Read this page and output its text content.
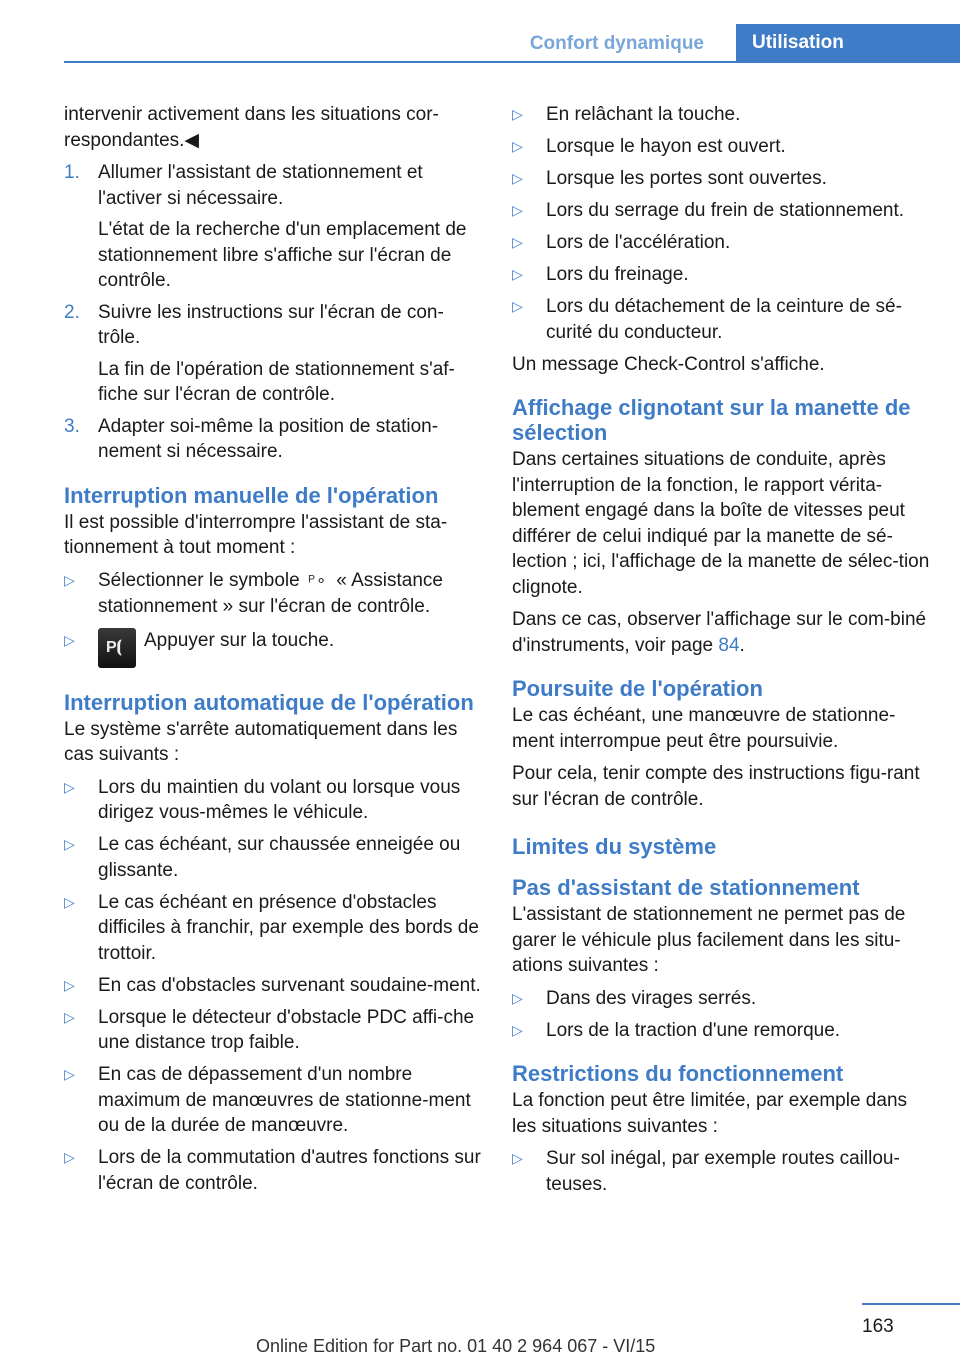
Confort dynamique	Utilisation

intervenir activement dans les situations cor-respondantes.◀

1. Allumer l'assistant de stationnement et l'activer si nécessaire.

L'état de la recherche d'un emplacement de stationnement libre s'affiche sur l'écran de contrôle.

2. Suivre les instructions sur l'écran de con-trôle.

La fin de l'opération de stationnement s'af-fiche sur l'écran de contrôle.

3. Adapter soi-même la position de station-nement si nécessaire.

Interruption manuelle de l'opération

Il est possible d'interrompre l'assistant de sta-tionnement à tout moment :

▷ Sélectionner le symbole ᴾ⚬ « Assistance stationnement » sur l'écran de contrôle.
▷ P⦗ Appuyer sur la touche.
Interruption automatique de l'opération

Le système s'arrête automatiquement dans les cas suivants :

▷ Lors du maintien du volant ou lorsque vous dirigez vous-mêmes le véhicule.
▷ Le cas échéant, sur chaussée enneigée ou glissante.
▷ Le cas échéant en présence d'obstacles difficiles à franchir, par exemple des bords de trottoir.
▷ En cas d'obstacles survenant soudaine-ment.
▷ Lorsque le détecteur d'obstacle PDC affi-che une distance trop faible.
▷ En cas de dépassement d'un nombre maximum de manœuvres de stationne-ment ou de la durée de manœuvre.
▷ Lors de la commutation d'autres fonctions sur l'écran de contrôle.
▷ En relâchant la touche.
▷ Lorsque le hayon est ouvert.
▷ Lorsque les portes sont ouvertes.
▷ Lors du serrage du frein de stationnement.
▷ Lors de l'accélération.
▷ Lors du freinage.
▷ Lors du détachement de la ceinture de sé-curité du conducteur.

Un message Check-Control s'affiche.

Affichage clignotant sur la manette de sélection

Dans certaines situations de conduite, après l'interruption de la fonction, le rapport vérita-blement engagé dans la boîte de vitesses peut différer de celui indiqué par la manette de sé-lection ; ici, l'affichage de la manette de sélec-tion clignote.

Dans ce cas, observer l'affichage sur le com-biné d'instruments, voir page 84.

Poursuite de l'opération

Le cas échéant, une manœuvre de stationne-ment interrompue peut être poursuivie.

Pour cela, tenir compte des instructions figu-rant sur l'écran de contrôle.

Limites du système
Pas d'assistant de stationnement

L'assistant de stationnement ne permet pas de garer le véhicule plus facilement dans les situ-ations suivantes :

▷ Dans des virages serrés.
▷ Lors de la traction d'une remorque.
Restrictions du fonctionnement

La fonction peut être limitée, par exemple dans les situations suivantes :

▷ Sur sol inégal, par exemple routes caillou-teuses.
163
Online Edition for Part no. 01 40 2 964 067 - VI/15
